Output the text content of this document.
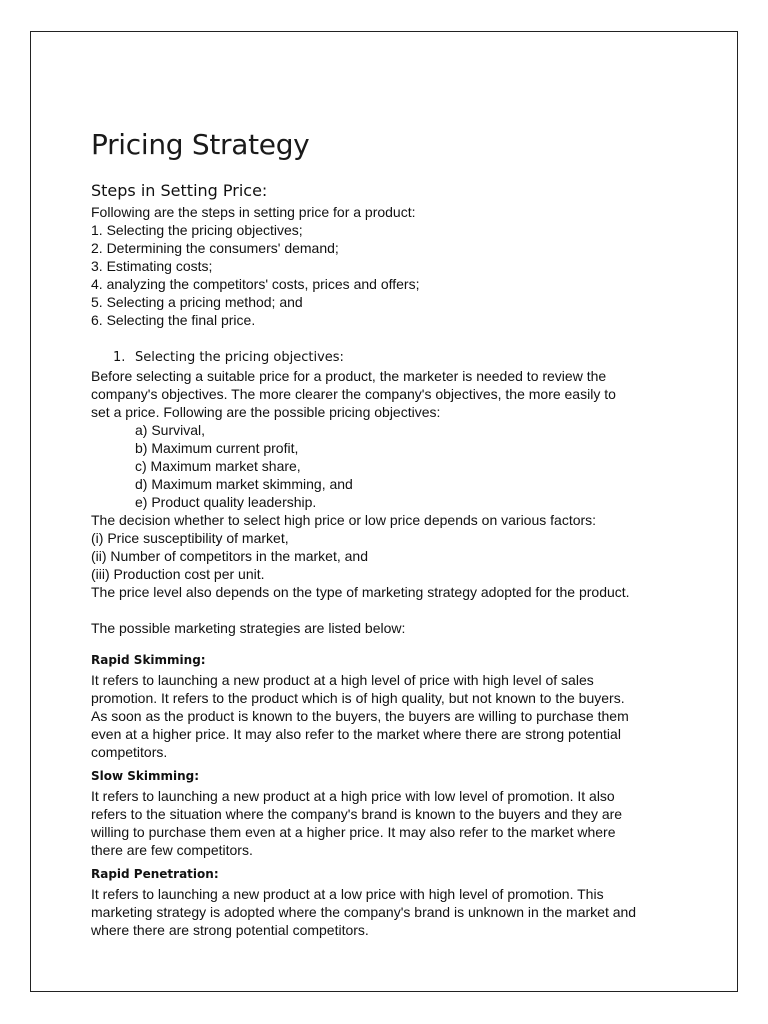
Pricing Strategy
Steps in Setting Price:

Following are the steps in setting price for a product:

1. Selecting the pricing objectives;

2. Determining the consumers' demand;

3. Estimating costs;

4. analyzing the competitors' costs, prices and offers;

5. Selecting a pricing method; and

6. Selecting the final price.

1. Selecting the pricing objectives:

Before selecting a suitable price for a product, the marketer is needed to review the

company's objectives. The more clearer the company's objectives, the more easily to

set a price. Following are the possible pricing objectives:

a) Survival,

b) Maximum current profit,

c) Maximum market share,

d) Maximum market skimming, and

e) Product quality leadership.

The decision whether to select high price or low price depends on various factors:

(i) Price susceptibility of market,

(ii) Number of competitors in the market, and

(iii) Production cost per unit.

The price level also depends on the type of marketing strategy adopted for the product.

The possible marketing strategies are listed below:

Rapid Skimming:

It refers to launching a new product at a high level of price with high level of sales

promotion. It refers to the product which is of high quality, but not known to the buyers.

As soon as the product is known to the buyers, the buyers are willing to purchase them

even at a higher price. It may also refer to the market where there are strong potential

competitors.

Slow Skimming:

It refers to launching a new product at a high price with low level of promotion. It also

refers to the situation where the company's brand is known to the buyers and they are

willing to purchase them even at a higher price. It may also refer to the market where

there are few competitors.

Rapid Penetration:

It refers to launching a new product at a low price with high level of promotion. This

marketing strategy is adopted where the company's brand is unknown in the market and

where there are strong potential competitors.
